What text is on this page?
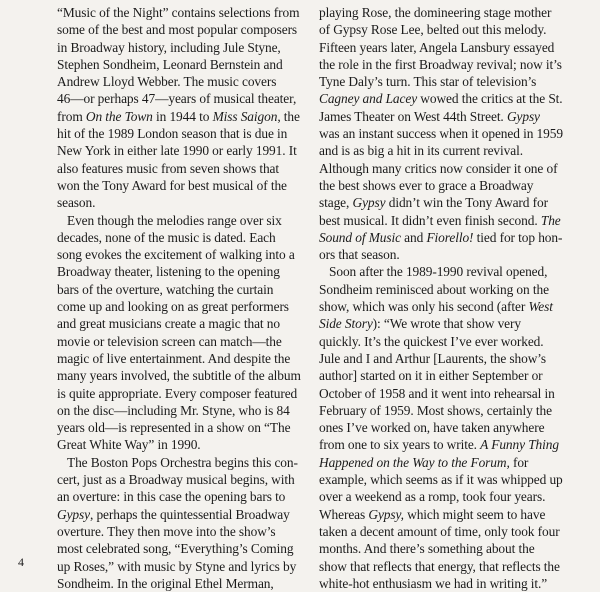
“Music of the Night” contains selections from
some of the best and most popular composers
in Broadway history, including Jule Styne,
Stephen Sondheim, Leonard Bernstein and
Andrew Lloyd Webber. The music covers
46—or perhaps 47—years of musical theater,
from On the Town in 1944 to Miss Saigon, the
hit of the 1989 London season that is due in
New York in either late 1990 or early 1991. It
also features music from seven shows that
won the Tony Award for best musical of the
season.
Even though the melodies range over six
decades, none of the music is dated. Each
song evokes the excitement of walking into a
Broadway theater, listening to the opening
bars of the overture, watching the curtain
come up and looking on as great performers
and great musicians create a magic that no
movie or television screen can match—the
magic of live entertainment. And despite the
many years involved, the subtitle of the album
is quite appropriate. Every composer featured
on the disc—including Mr. Styne, who is 84
years old—is represented in a show on “The
Great White Way” in 1990.
The Boston Pops Orchestra begins this con-
cert, just as a Broadway musical begins, with
an overture: in this case the opening bars to
Gypsy, perhaps the quintessential Broadway
overture. They then move into the show’s
most celebrated song, “Everything’s Coming
up Roses,” with music by Styne and lyrics by
Sondheim. In the original Ethel Merman,
playing Rose, the domineering stage mother
of Gypsy Rose Lee, belted out this melody.
Fifteen years later, Angela Lansbury essayed
the role in the first Broadway revival; now it’s
Tyne Daly’s turn. This star of television’s
Cagney and Lacey wowed the critics at the St.
James Theater on West 44th Street. Gypsy
was an instant success when it opened in 1959
and is as big a hit in its current revival.
Although many critics now consider it one of
the best shows ever to grace a Broadway
stage, Gypsy didn’t win the Tony Award for
best musical. It didn’t even finish second. The
Sound of Music and Fiorello! tied for top hon-
ors that season.
Soon after the 1989-1990 revival opened,
Sondheim reminisced about working on the
show, which was only his second (after West
Side Story): “We wrote that show very
quickly. It’s the quickest I’ve ever worked.
Jule and I and Arthur [Laurents, the show’s
author] started on it in either September or
October of 1958 and it went into rehearsal in
February of 1959. Most shows, certainly the
ones I’ve worked on, have taken anywhere
from one to six years to write. A Funny Thing
Happened on the Way to the Forum, for
example, which seems as if it was whipped up
over a weekend as a romp, took four years.
Whereas Gypsy, which might seem to have
taken a decent amount of time, only took four
months. And there’s something about the
show that reflects that energy, that reflects the
white-hot enthusiasm we had in writing it.”
4
